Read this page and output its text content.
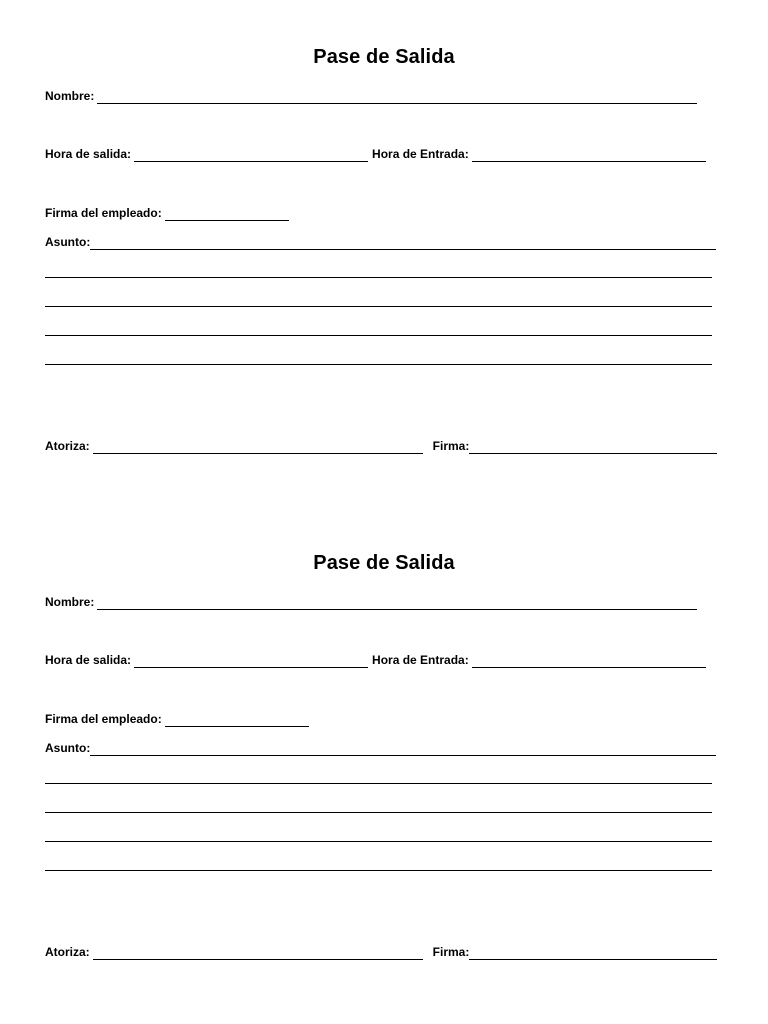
Pase de Salida
Nombre:
Hora de salida:	Hora de Entrada:
Firma del empleado:
Asunto:
Atoriza:	Firma:
Pase de Salida
Nombre:
Hora de salida:	Hora de Entrada:
Firma del empleado:
Asunto:
Atoriza:	Firma:
